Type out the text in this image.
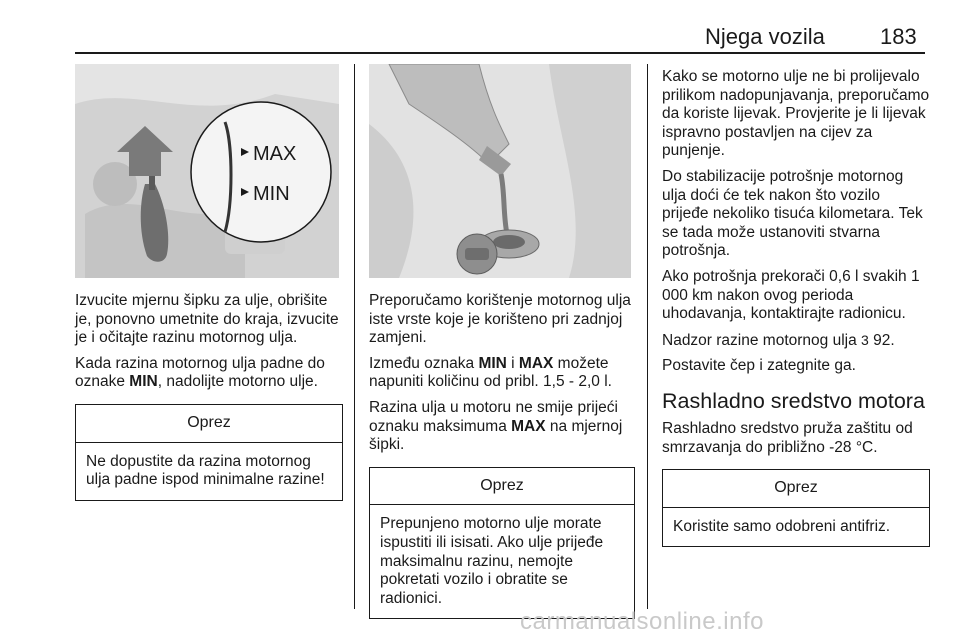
Njega vozila	183
MAX
MIN

Izvucite mjernu šipku za ulje, obrišite je, ponovno umetnite do kraja, izvucite je i očitajte razinu motornog ulja.

Kada razina motornog ulja padne do oznake MIN, nadolijte motorno ulje.

Oprez
Ne dopustite da razina motornog ulja padne ispod minimalne razine!

Preporučamo korištenje motornog ulja iste vrste koje je korišteno pri zadnjoj zamjeni.

Između oznaka MIN i MAX možete napuniti količinu od pribl. 1,5 - 2,0 l.

Razina ulja u motoru ne smije prijeći oznaku maksimuma MAX na mjernoj šipki.

Oprez
Prepunjeno motorno ulje morate ispustiti ili isisati. Ako ulje prijeđe maksimalnu razinu, nemojte pokretati vozilo i obratite se radionici.

Kako se motorno ulje ne bi prolijevalo prilikom nadopunjavanja, preporučamo da koriste lijevak. Provjerite je li lijevak ispravno postavljen na cijev za punjenje.

Do stabilizacije potrošnje motornog ulja doći će tek nakon što vozilo prijeđe nekoliko tisuća kilometara. Tek se tada može ustanoviti stvarna potrošnja.

Ako potrošnja prekorači 0,6 l svakih 1 000 km nakon ovog perioda uhodavanja, kontaktirajte radionicu.

Nadzor razine motornog ulja 3 92.

Postavite čep i zategnite ga.

Rashladno sredstvo motora

Rashladno sredstvo pruža zaštitu od smrzavanja do približno -28 °C.

Oprez
Koristite samo odobreni antifriz.
carmanualsonline.info
